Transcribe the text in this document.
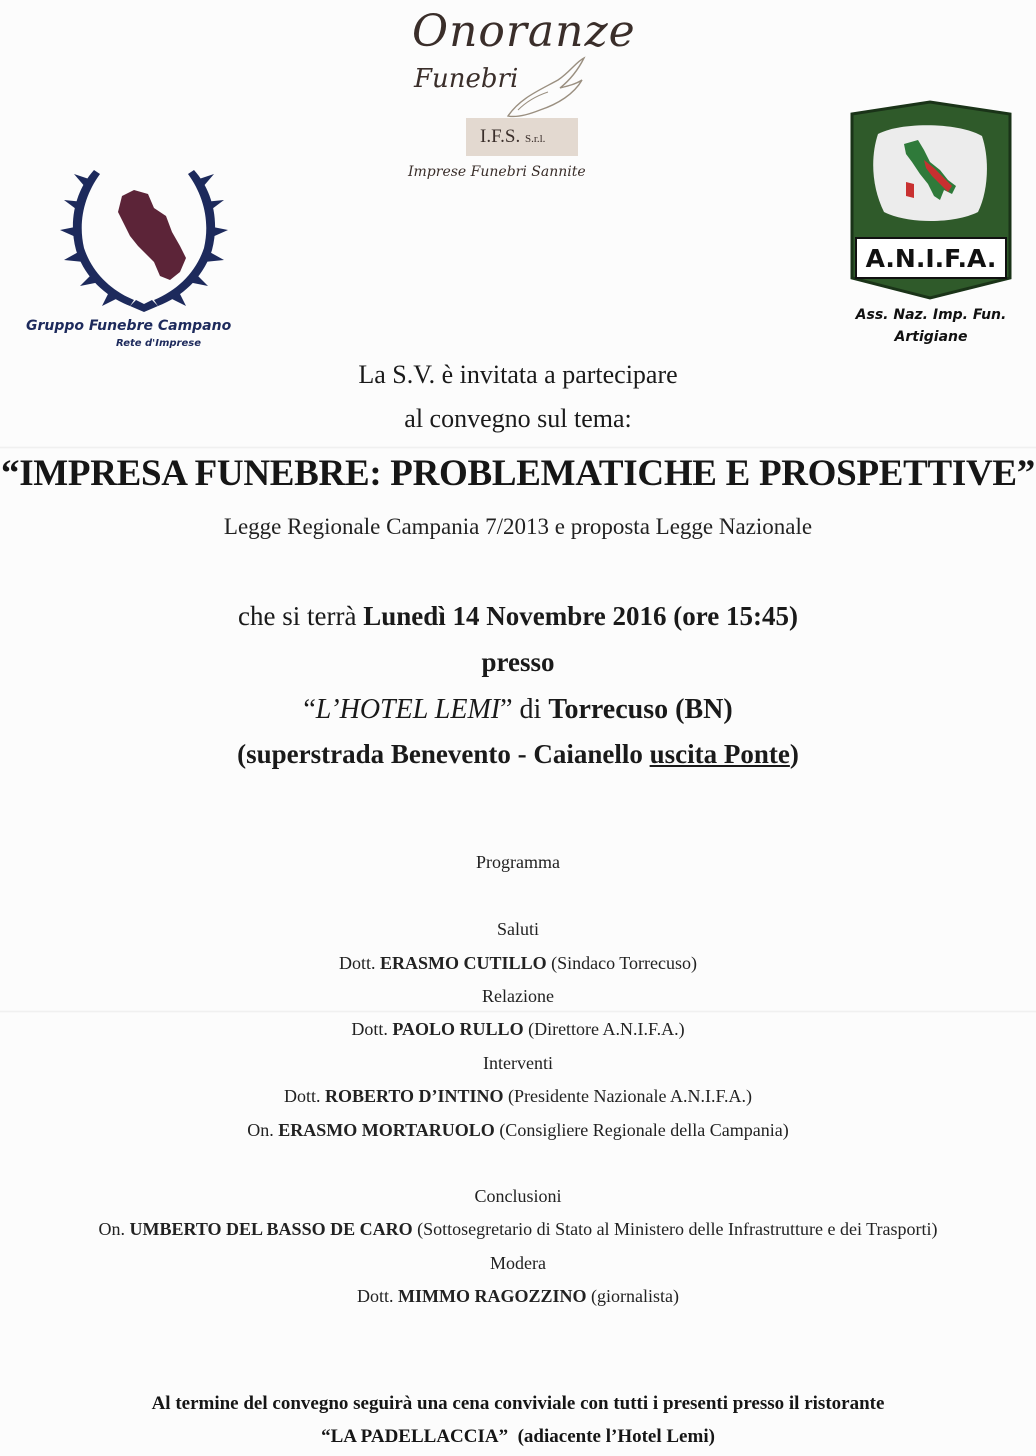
Onoranze
Funebri
I.F.S. S.r.l.
Imprese Funebri Sannite
Gruppo Funebre Campano
Rete d'Imprese
A.N.I.F.A.
Ass. Naz. Imp. Fun.
Artigiane
La S.V. è invitata a partecipare
al convegno sul tema:
“IMPRESA FUNEBRE: PROBLEMATICHE E PROSPETTIVE”
Legge Regionale Campania 7/2013 e proposta Legge Nazionale
che si terrà Lunedì 14 Novembre 2016 (ore 15:45)
presso
“L’HOTEL LEMI” di Torrecuso (BN)
(superstrada Benevento - Caianello uscita Ponte)
Programma
Saluti
Dott. ERASMO CUTILLO (Sindaco Torrecuso)
Relazione
Dott. PAOLO RULLO (Direttore A.N.I.F.A.)
Interventi
Dott. ROBERTO D’INTINO (Presidente Nazionale A.N.I.F.A.)
On. ERASMO MORTARUOLO (Consigliere Regionale della Campania)
Conclusioni
On. UMBERTO DEL BASSO DE CARO (Sottosegretario di Stato al Ministero delle Infrastrutture e dei Trasporti)
Modera
Dott. MIMMO RAGOZZINO (giornalista)
Al termine del convegno seguirà una cena conviviale con tutti i presenti presso il ristorante
“LA PADELLACCIA”  (adiacente l’Hotel Lemi)
